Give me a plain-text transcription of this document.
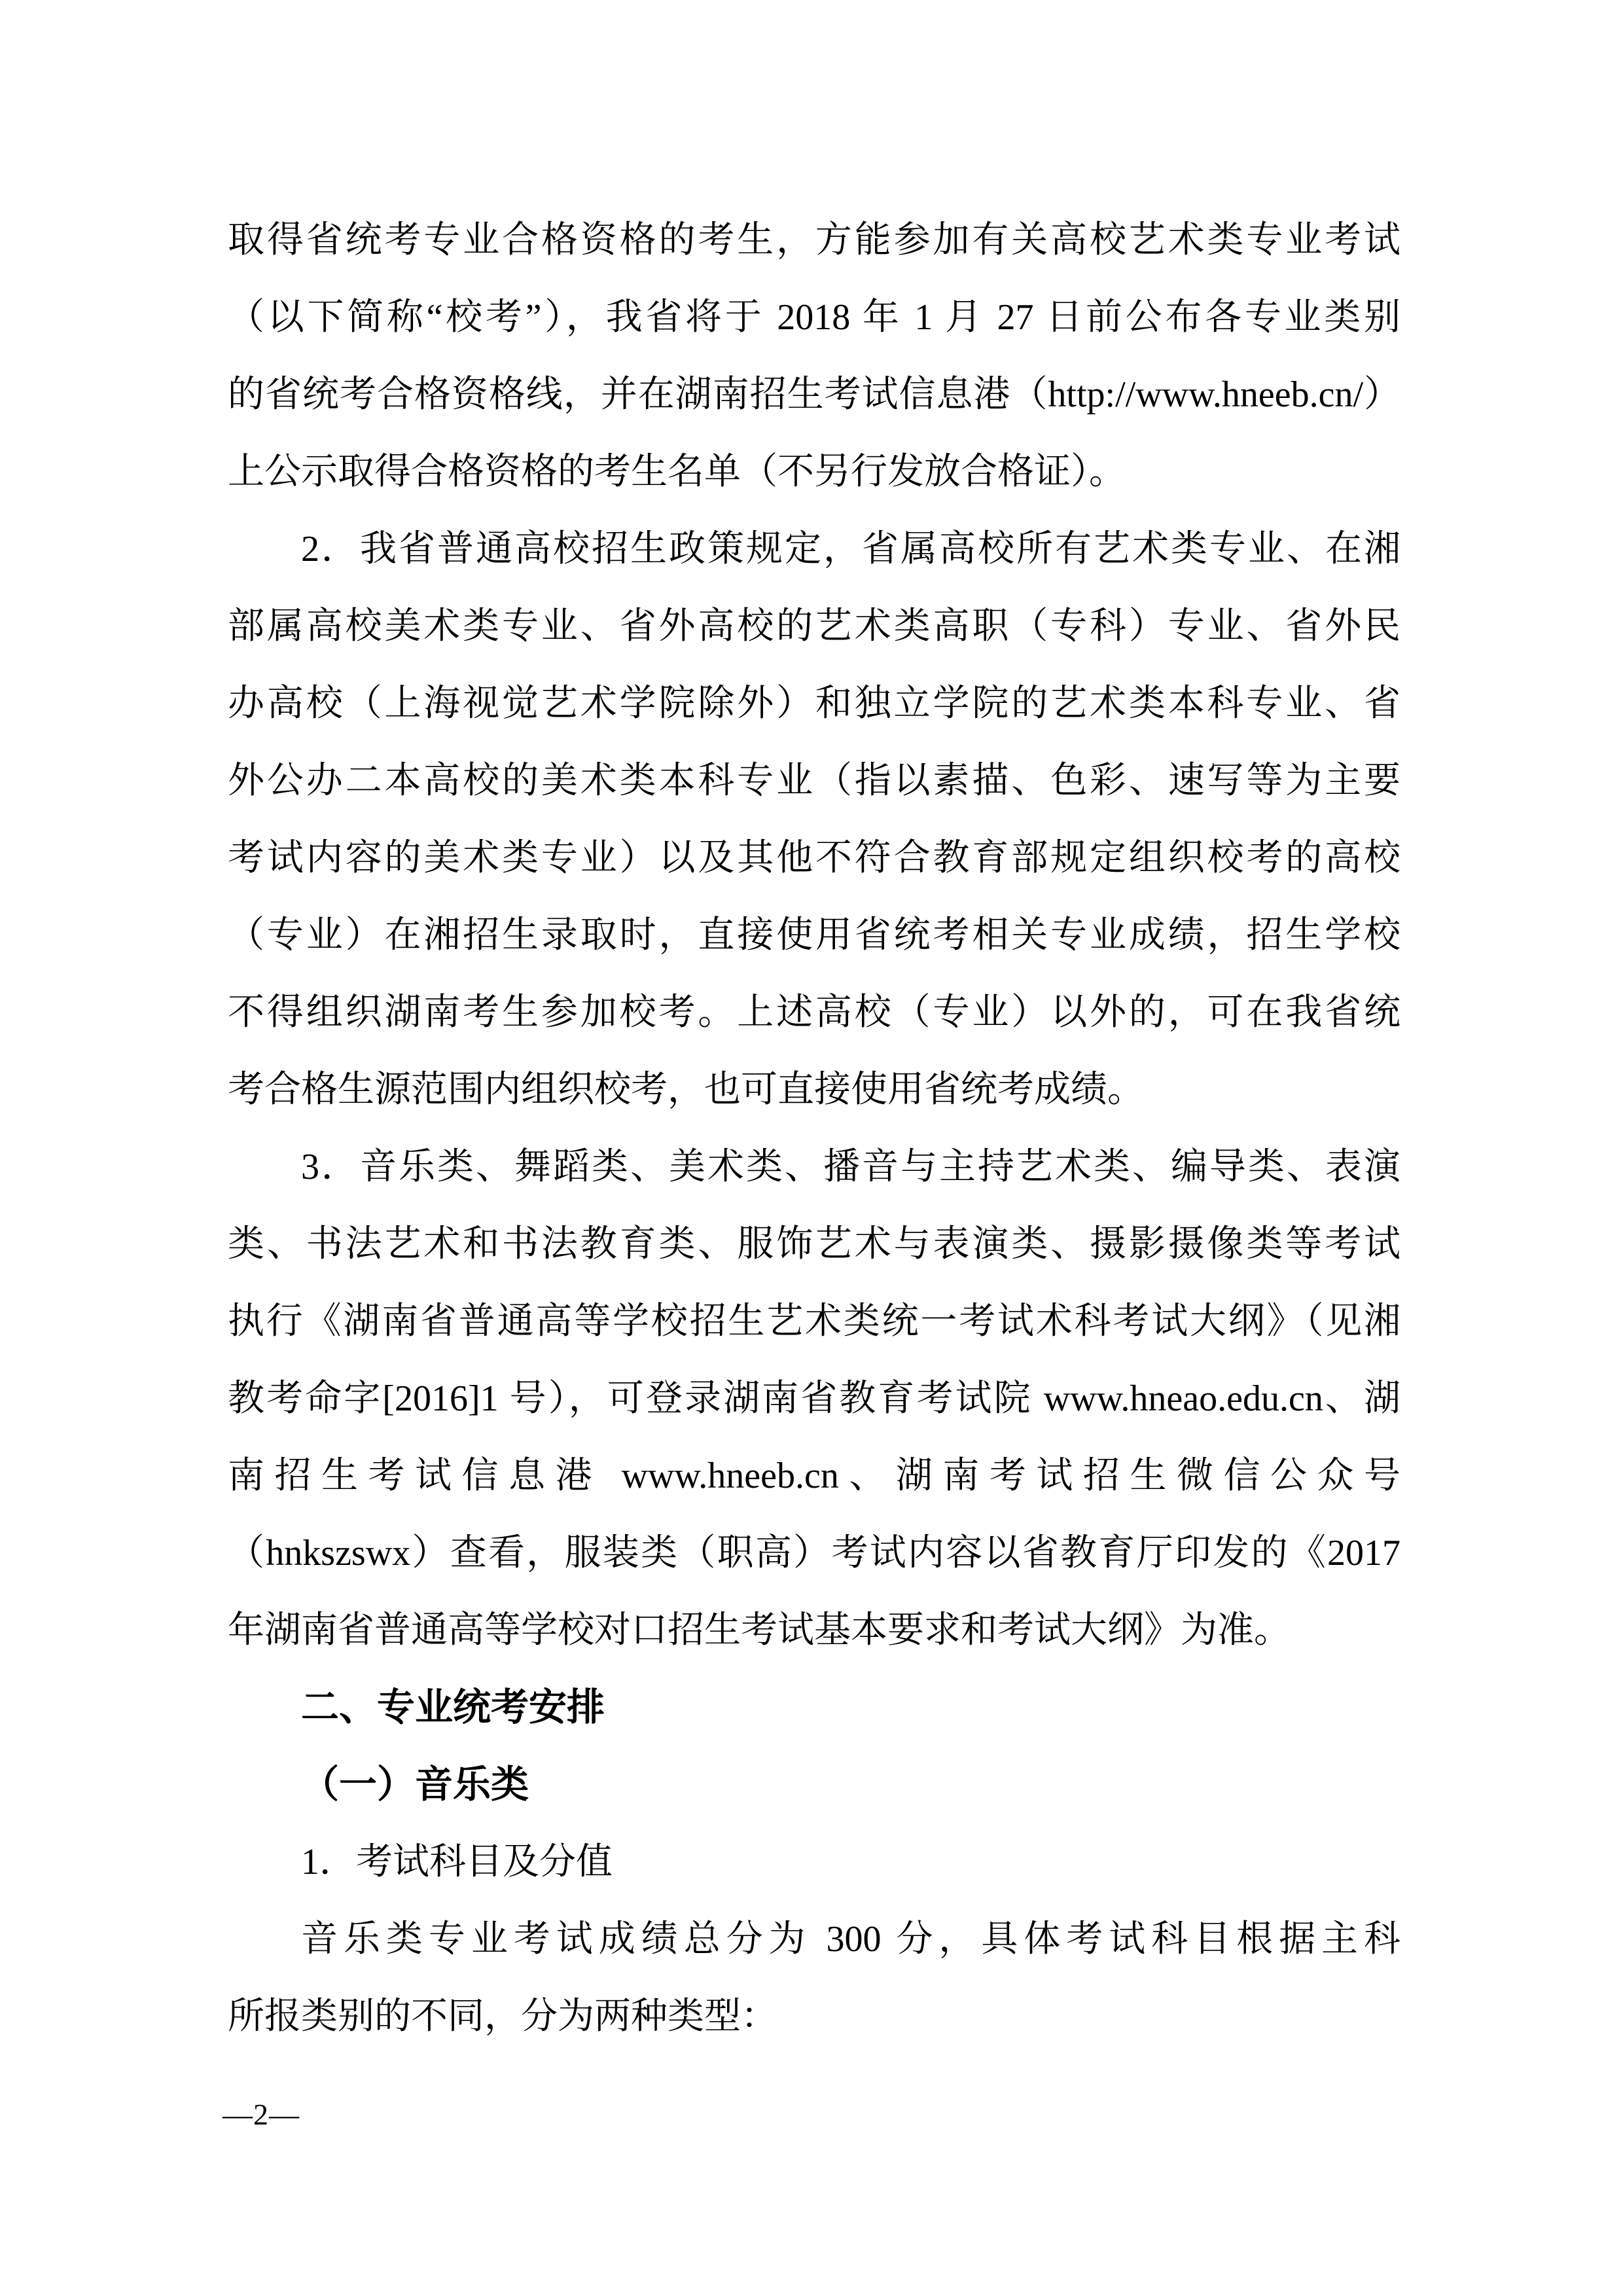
取得省统考专业合格资格的考生，方能参加有关高校艺术类专业考试
（以下简称“校考”），我省将于 2018 年 1 月 27 日前公布各专业类别
的省统考合格资格线，并在湖南招生考试信息港（http://www.hneeb.cn/）
上公示取得合格资格的考生名单（不另行发放合格证）。
2．我省普通高校招生政策规定，省属高校所有艺术类专业、在湘
部属高校美术类专业、省外高校的艺术类高职（专科）专业、省外民
办高校（上海视觉艺术学院除外）和独立学院的艺术类本科专业、省
外公办二本高校的美术类本科专业（指以素描、色彩、速写等为主要
考试内容的美术类专业）以及其他不符合教育部规定组织校考的高校
（专业）在湘招生录取时，直接使用省统考相关专业成绩，招生学校
不得组织湖南考生参加校考。上述高校（专业）以外的，可在我省统
考合格生源范围内组织校考，也可直接使用省统考成绩。
3．音乐类、舞蹈类、美术类、播音与主持艺术类、编导类、表演
类、书法艺术和书法教育类、服饰艺术与表演类、摄影摄像类等考试
执行《湖南省普通高等学校招生艺术类统一考试术科考试大纲》（见湘
教考命字[2016]1 号），可登录湖南省教育考试院 www.hneao.edu.cn、湖
南招生考试信息港 www.hneeb.cn、湖南考试招生微信公众号
（hnkszswx）查看，服装类（职高）考试内容以省教育厅印发的《2017
年湖南省普通高等学校对口招生考试基本要求和考试大纲》为准。
二、专业统考安排
（一）音乐类
1．考试科目及分值
音乐类专业考试成绩总分为 300 分，具体考试科目根据主科
所报类别的不同，分为两种类型：
—2—
